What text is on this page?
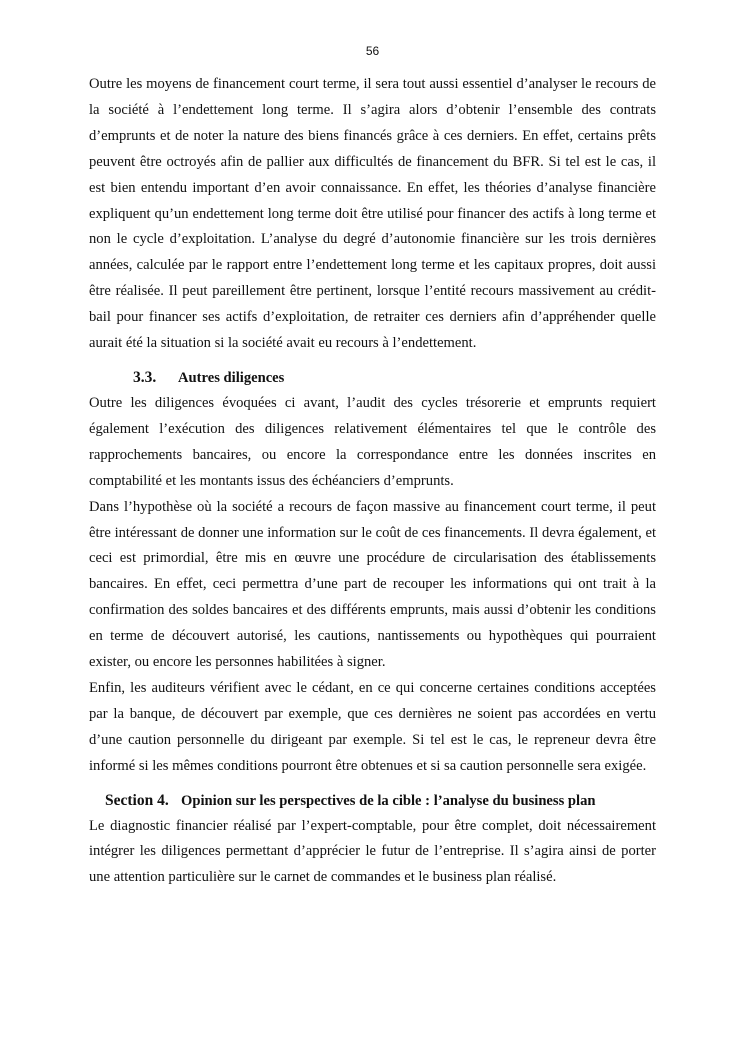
56

Outre les moyens de financement court terme, il sera tout aussi essentiel d’analyser le recours de la société à l’endettement long terme. Il s’agira alors d’obtenir l’ensemble des contrats d’emprunts et de noter la nature des biens financés grâce à ces derniers. En effet, certains prêts peuvent être octroyés afin de pallier aux difficultés de financement du BFR. Si tel est le cas, il est bien entendu important d’en avoir connaissance. En effet, les théories d’analyse financière expliquent qu’un endettement long terme doit être utilisé pour financer des actifs à long terme et non le cycle d’exploitation. L’analyse du degré d’autonomie financière sur les trois dernières années, calculée par le rapport entre l’endettement long terme et les capitaux propres, doit aussi être réalisée. Il peut pareillement être pertinent, lorsque l’entité recours massivement au crédit-bail pour financer ses actifs d’exploitation, de retraiter ces derniers afin d’appréhender quelle aurait été la situation si la société avait eu recours à l’endettement.

3.3. Autres diligences

Outre les diligences évoquées ci avant, l’audit des cycles trésorerie et emprunts requiert également l’exécution des diligences relativement élémentaires tel que le contrôle des rapprochements bancaires, ou encore la correspondance entre les données inscrites en comptabilité et les montants issus des échéanciers d’emprunts.

Dans l’hypothèse où la société a recours de façon massive au financement court terme, il peut être intéressant de donner une information sur le coût de ces financements. Il devra également, et ceci est primordial, être mis en œuvre une procédure de circularisation des établissements bancaires. En effet, ceci permettra d’une part de recouper les informations qui ont trait à la confirmation des soldes bancaires et des différents emprunts, mais aussi d’obtenir les conditions en terme de découvert autorisé, les cautions, nantissements ou hypothèques qui pourraient exister, ou encore les personnes habilitées à signer.

Enfin, les auditeurs vérifient avec le cédant, en ce qui concerne certaines conditions acceptées par la banque, de découvert par exemple, que ces dernières ne soient pas accordées en vertu d’une caution personnelle du dirigeant par exemple. Si tel est le cas, le repreneur devra être informé si les mêmes conditions pourront être obtenues et si sa caution personnelle sera exigée.

Section 4. Opinion sur les perspectives de la cible : l’analyse du business plan

Le diagnostic financier réalisé par l’expert-comptable, pour être complet, doit nécessairement intégrer les diligences permettant d’apprécier le futur de l’entreprise. Il s’agira ainsi de porter une attention particulière sur le carnet de commandes et le business plan réalisé.
